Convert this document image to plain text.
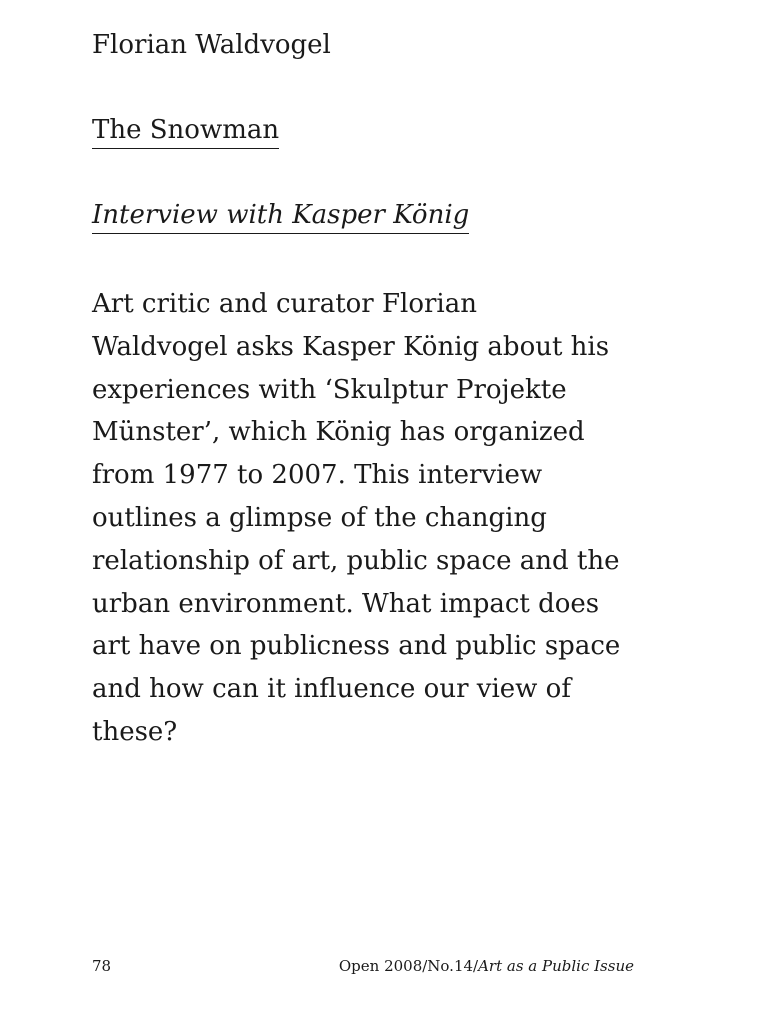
Florian Waldvogel
The Snowman
Interview with Kasper König
Art critic and curator Florian
Waldvogel asks Kasper König about his
experiences with ‘Skulptur Projekte
Münster’, which König has organized
from 1977 to 2007. This interview
outlines a glimpse of the changing
relationship of art, public space and the
urban environment. What impact does
art have on publicness and public space
and how can it influence our view of
these?
78	Open 2008/No.14/Art as a Public Issue
